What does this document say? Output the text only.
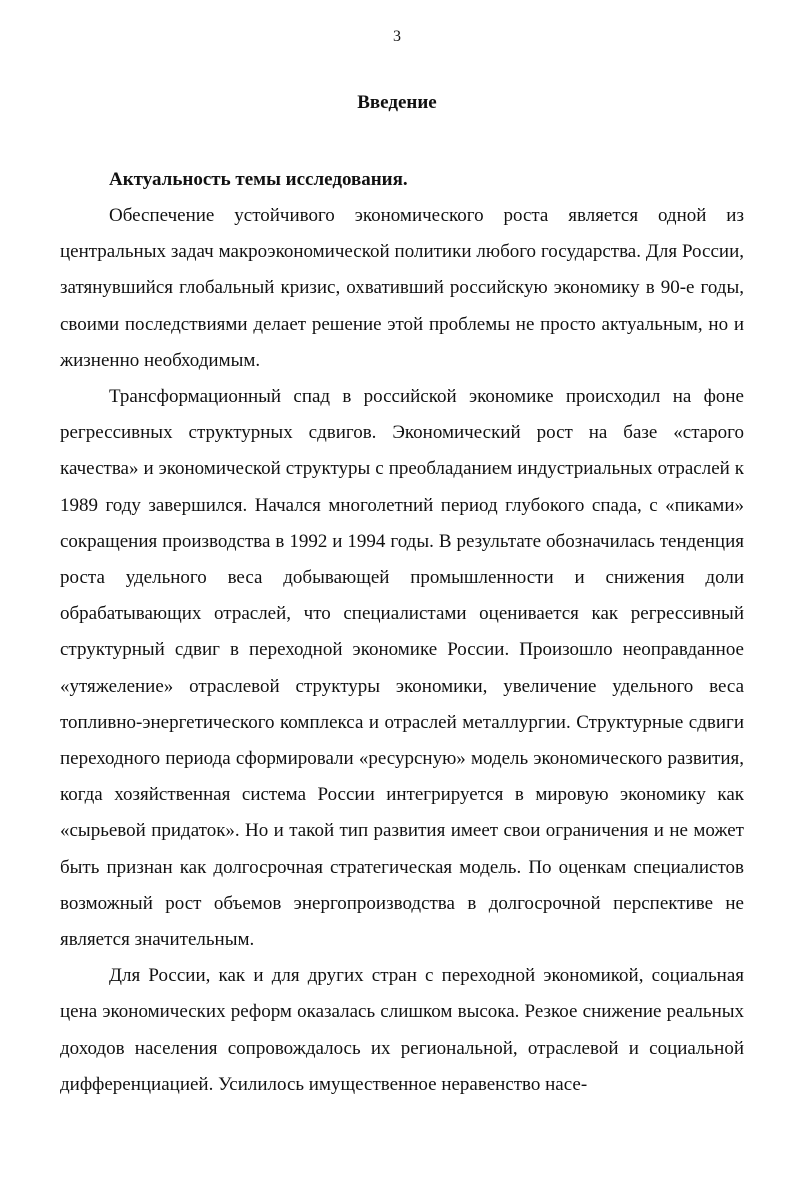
3
Введение
Актуальность темы исследования.

Обеспечение устойчивого экономического роста является одной из центральных задач макроэкономической политики любого государства. Для России, затянувшийся глобальный кризис, охвативший российскую экономику в 90-е годы, своими последствиями делает решение этой проблемы не просто актуальным, но и жизненно необходимым.

Трансформационный спад в российской экономике происходил на фоне регрессивных структурных сдвигов. Экономический рост на базе «старого качества» и экономической структуры с преобладанием индустриальных отраслей к 1989 году завершился. Начался многолетний период глубокого спада, с «пиками» сокращения производства в 1992 и 1994 годы. В результате обозначилась тенденция роста удельного веса добывающей промышленности и снижения доли обрабатывающих отраслей, что специалистами оценивается как регрессивный структурный сдвиг в переходной экономике России. Произошло неоправданное «утяжеление» отраслевой структуры экономики, увеличение удельного веса топливно-энергетического комплекса и отраслей металлургии. Структурные сдвиги переходного периода сформировали «ресурсную» модель экономического развития, когда хозяйственная система России интегрируется в мировую экономику как «сырьевой придаток». Но и такой тип развития имеет свои ограничения и не может быть признан как долгосрочная стратегическая модель. По оценкам специалистов возможный рост объемов энергопроизводства в долгосрочной перспективе не является значительным.

Для России, как и для других стран с переходной экономикой, социальная цена экономических реформ оказалась слишком высока. Резкое снижение реальных доходов населения сопровождалось их региональной, отраслевой и социальной дифференциацией. Усилилось имущественное неравенство насе-
